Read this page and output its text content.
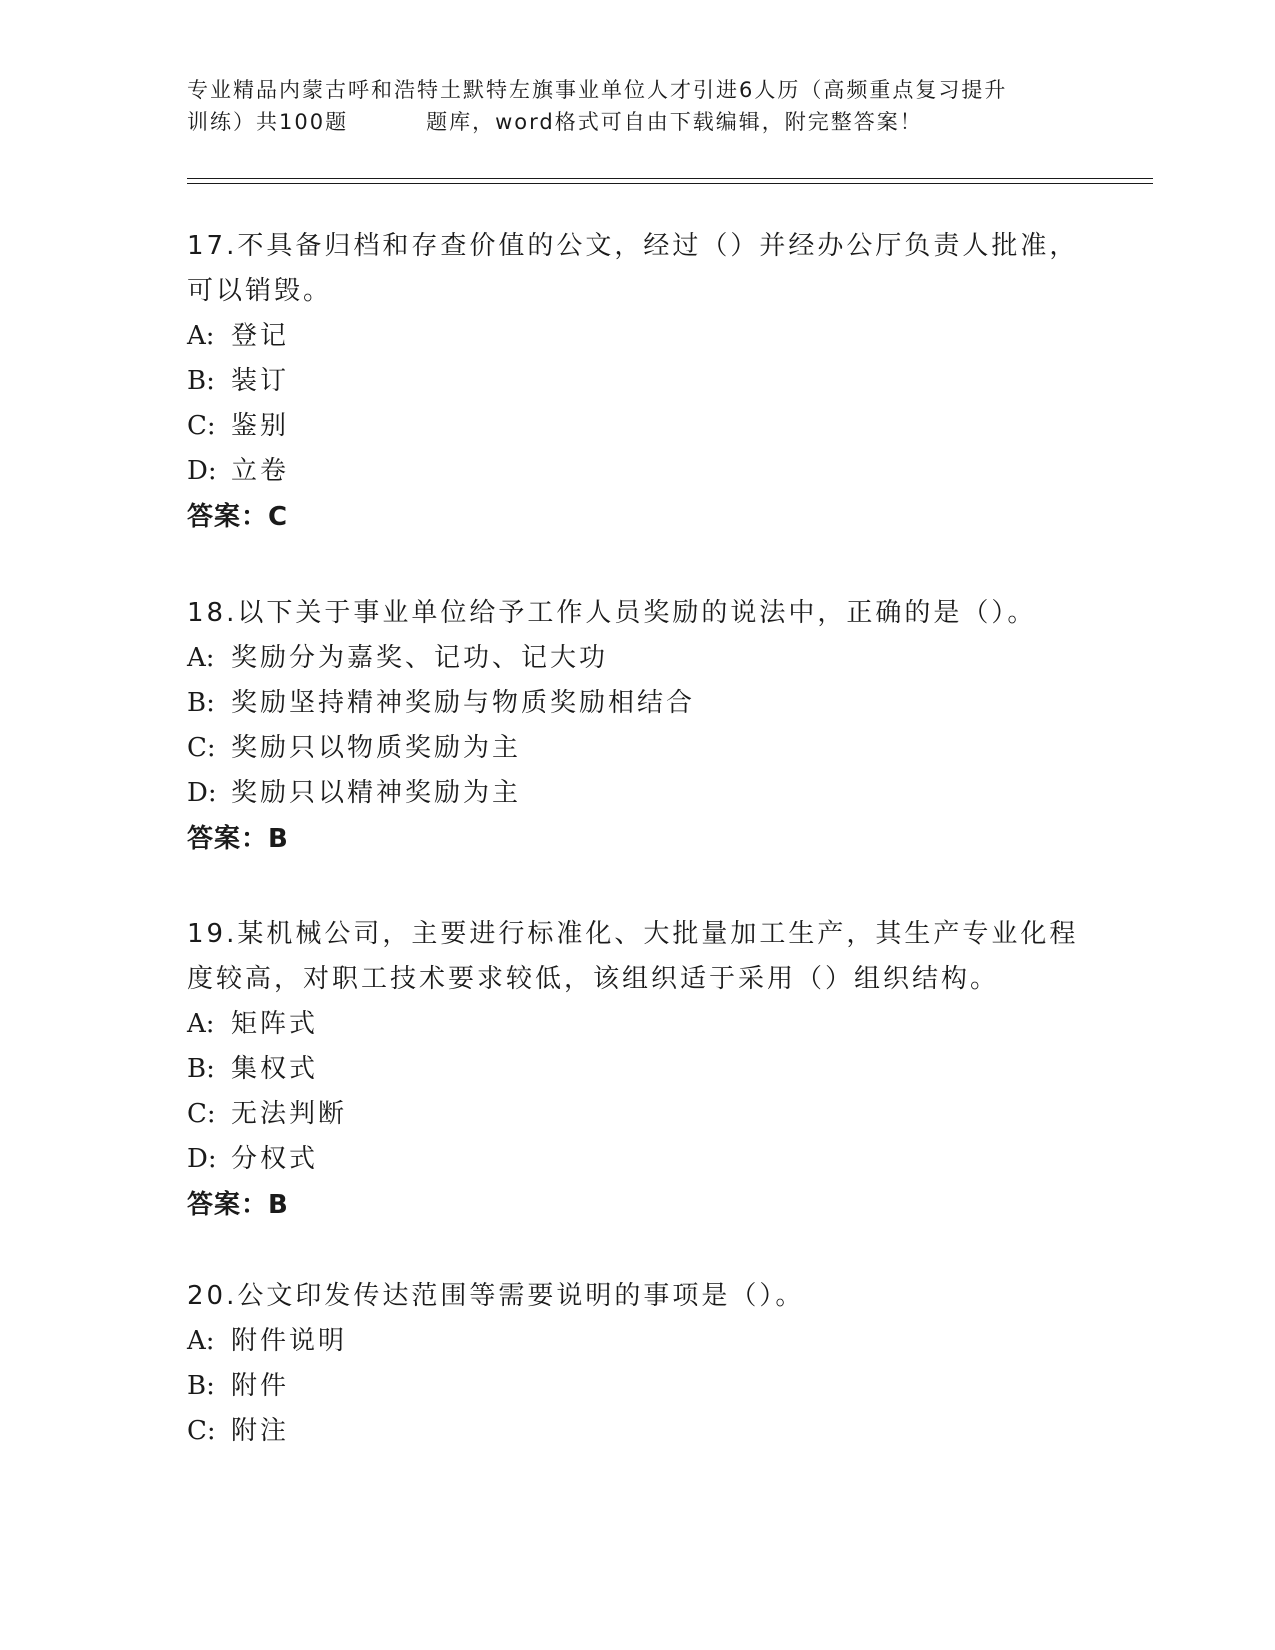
专业精品内蒙古呼和浩特土默特左旗事业单位人才引进6人历（高频重点复习提升
训练）共100题	题库，word格式可自由下载编辑，附完整答案！
17.不具备归档和存查价值的公文，经过（）并经办公厅负责人批准，可以销毁。
A: 登记
B: 装订
C: 鉴别
D: 立卷
答案：C
18.以下关于事业单位给予工作人员奖励的说法中，正确的是（）。
A: 奖励分为嘉奖、记功、记大功
B: 奖励坚持精神奖励与物质奖励相结合
C: 奖励只以物质奖励为主
D: 奖励只以精神奖励为主
答案：B
19.某机械公司，主要进行标准化、大批量加工生产，其生产专业化程度较高，对职工技术要求较低，该组织适于采用（）组织结构。
A: 矩阵式
B: 集权式
C: 无法判断
D: 分权式
答案：B
20.公文印发传达范围等需要说明的事项是（）。
A: 附件说明
B: 附件
C: 附注
